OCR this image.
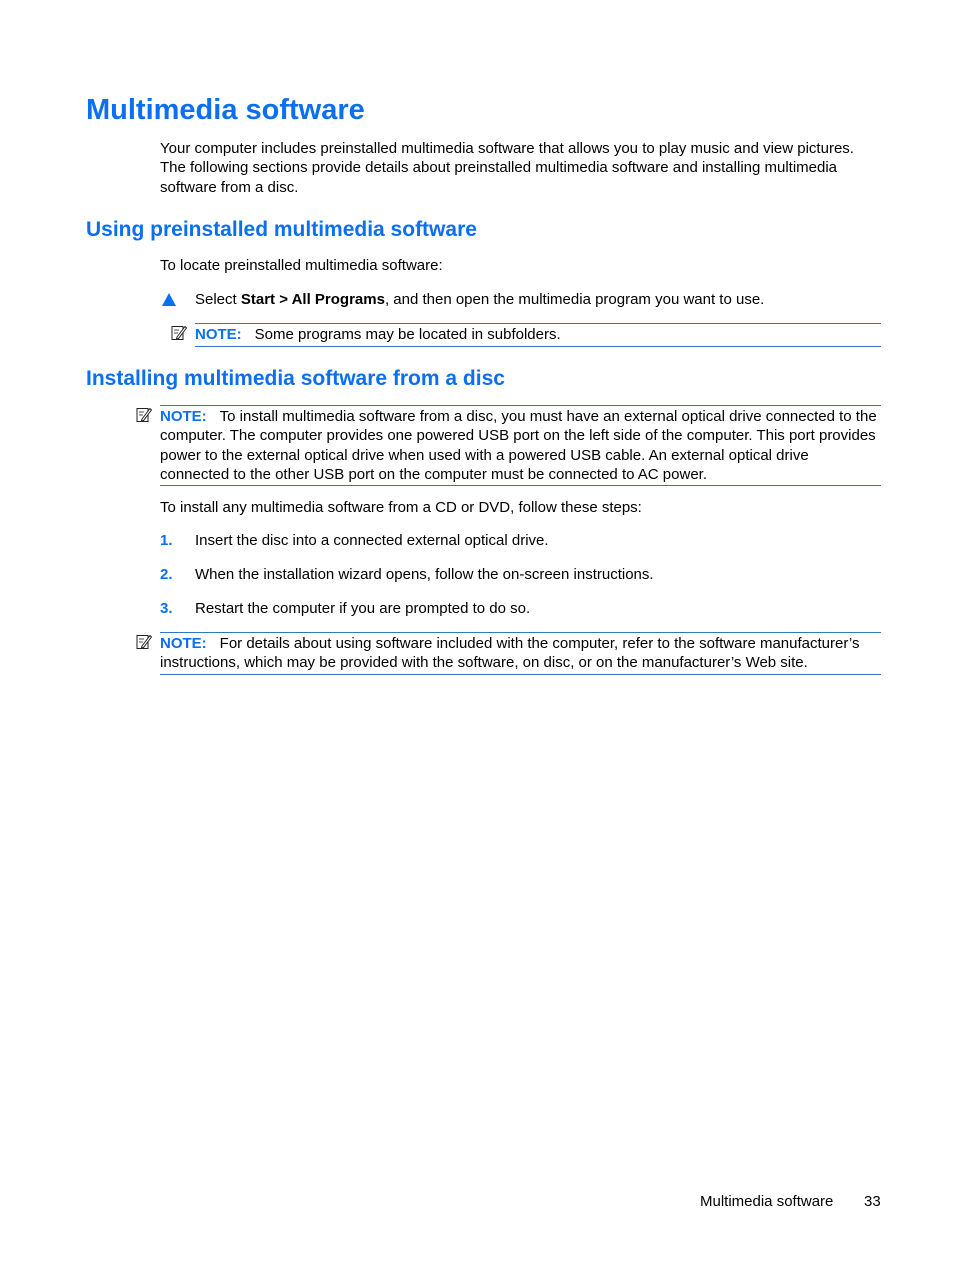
Multimedia software
Your computer includes preinstalled multimedia software that allows you to play music and view pictures. The following sections provide details about preinstalled multimedia software and installing multimedia software from a disc.
Using preinstalled multimedia software
To locate preinstalled multimedia software:
Select Start > All Programs, and then open the multimedia program you want to use.
NOTE: Some programs may be located in subfolders.
Installing multimedia software from a disc
NOTE: To install multimedia software from a disc, you must have an external optical drive connected to the computer. The computer provides one powered USB port on the left side of the computer. This port provides power to the external optical drive when used with a powered USB cable. An external optical drive connected to the other USB port on the computer must be connected to AC power.
To install any multimedia software from a CD or DVD, follow these steps:
1. Insert the disc into a connected external optical drive.
2. When the installation wizard opens, follow the on-screen instructions.
3. Restart the computer if you are prompted to do so.
NOTE: For details about using software included with the computer, refer to the software manufacturer’s instructions, which may be provided with the software, on disc, or on the manufacturer’s Web site.
Multimedia software 33
